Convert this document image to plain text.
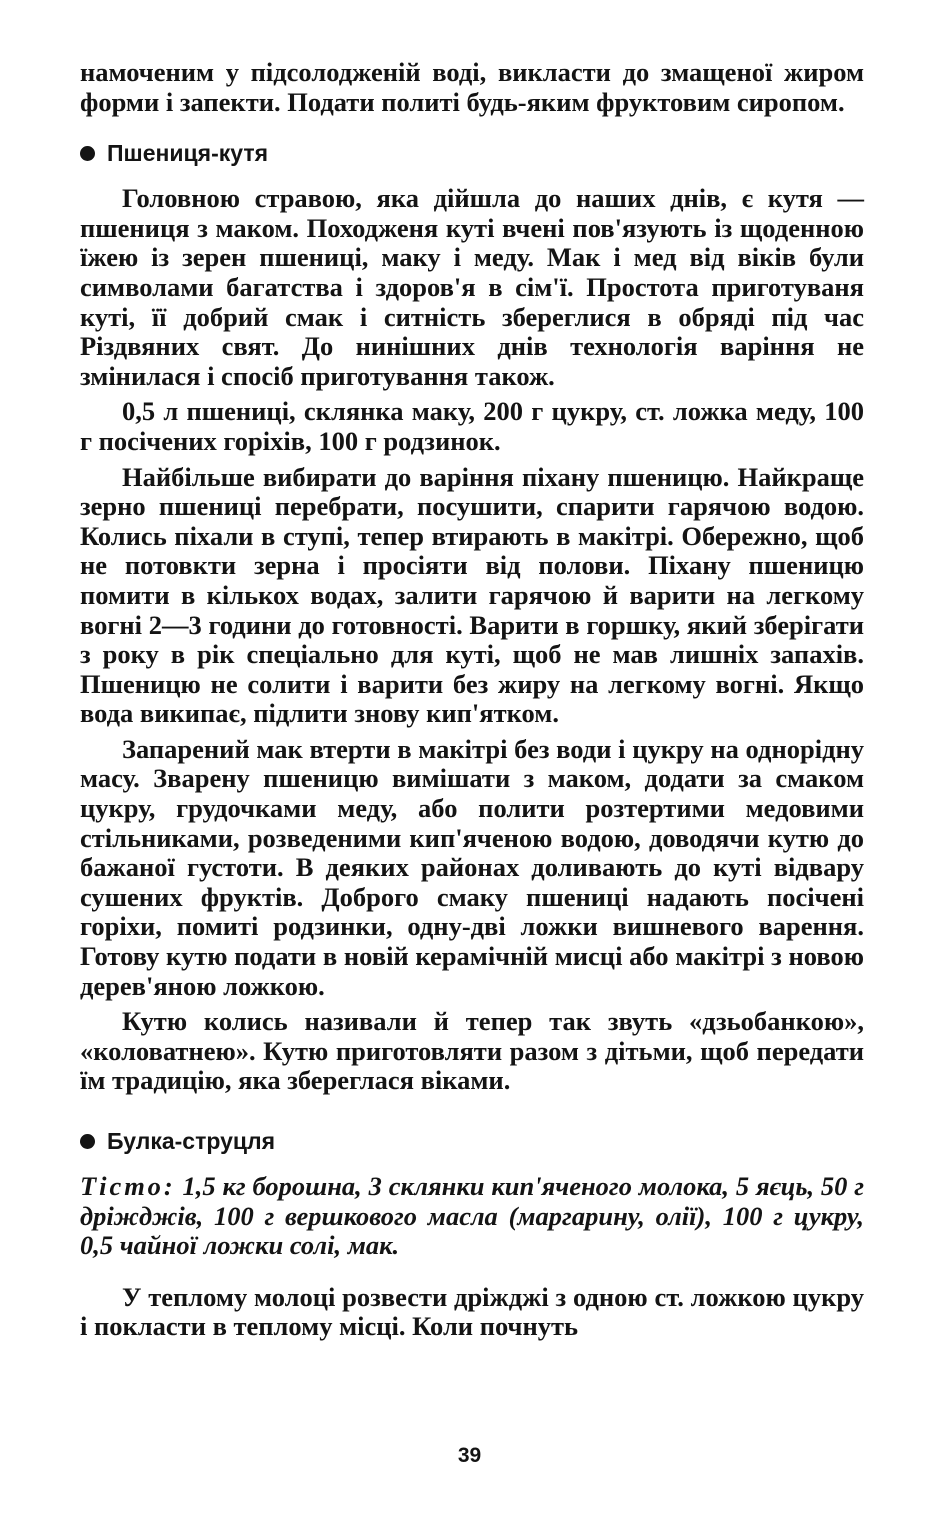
намоченим у підсолодженій воді, викласти до змащеної жиром форми і запекти. Подати политі будь-яким фруктовим сиропом.

Пшениця-кутя

Головною стравою, яка дійшла до наших днів, є кутя — пшениця з маком. Походженя куті вчені пов'язують із щоденною їжею із зерен пшениці, маку і меду. Мак і мед від віків були символами багатства і здоров'я в сім'ї. Простота приготуваня куті, її добрий смак і ситність збереглися в обряді під час Різдвяних свят. До нинішних днів технологія варіння не змінилася і спосіб приготування також.

0,5 л пшениці, склянка маку, 200 г цукру, ст. ложка меду, 100 г посічених горіхів, 100 г родзинок.

Найбільше вибирати до варіння піхану пшеницю. Найкраще зерно пшениці перебрати, посушити, спарити гарячою водою. Колись піхали в ступі, тепер втирають в макітрі. Обережно, щоб не потовкти зерна і просіяти від полови. Піхану пшеницю помити в кількох водах, залити гарячою й варити на легкому вогні 2—3 години до готовності. Варити в горшку, який зберігати з року в рік спеціально для куті, щоб не мав лишніх запахів. Пшеницю не солити і варити без жиру на легкому вогні. Якщо вода википає, підлити знову кип'ятком.

Запарений мак втерти в макітрі без води і цукру на однорідну масу. Зварену пшеницю вимішати з маком, додати за смаком цукру, грудочками меду, або полити розтертими медовими стільниками, розведеними кип'яченою водою, доводячи кутю до бажаної густоти. В деяких районах доливають до куті відвару сушених фруктів. Доброго смаку пшениці надають посічені горіхи, помиті родзинки, одну-дві ложки вишневого варення. Готову кутю подати в новій керамічній мисці або макітрі з новою дерев'яною ложкою.

Кутю колись називали й тепер так звуть «дзьобанкою», «коловатнею». Кутю приготовляти разом з дітьми, щоб передати їм традицію, яка збереглася віками.

Булка-струцля

Тісто: 1,5 кг борошна, 3 склянки кип'яченого молока, 5 яєць, 50 г дріжджів, 100 г вершкового масла (маргарину, олії), 100 г цукру, 0,5 чайної ложки солі, мак.

У теплому молоці розвести дріжджі з одною ст. ложкою цукру і покласти в теплому місці. Коли почнуть

39
